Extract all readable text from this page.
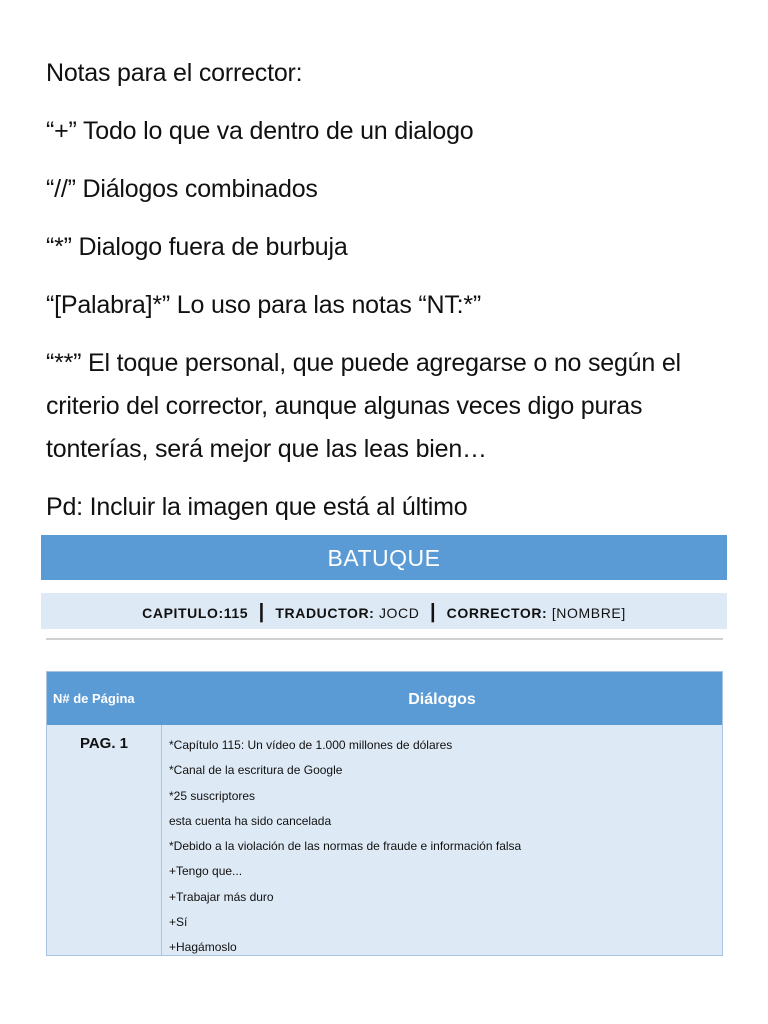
Notas para el corrector:

“+” Todo lo que va dentro de un dialogo

“//” Diálogos combinados

“*” Dialogo fuera de burbuja

“[Palabra]*” Lo uso para las notas “NT:*”

“**” El toque personal, que puede agregarse o no según el criterio del corrector, aunque algunas veces digo puras tonterías, será mejor que las leas bien…

Pd: Incluir la imagen que está al último

BATUQUE
CAPITULO:115 | TRADUCTOR: JOCD | CORRECTOR: [NOMBRE]
N# de Página	Diálogos
PAG. 1	*Capítulo 115: Un vídeo de 1.000 millones de dólares
*Canal de la escritura de Google
*25 suscriptores
esta cuenta ha sido cancelada
*Debido a la violación de las normas de fraude e información falsa
+Tengo que...
+Trabajar más duro
+Sí
+Hagámoslo
